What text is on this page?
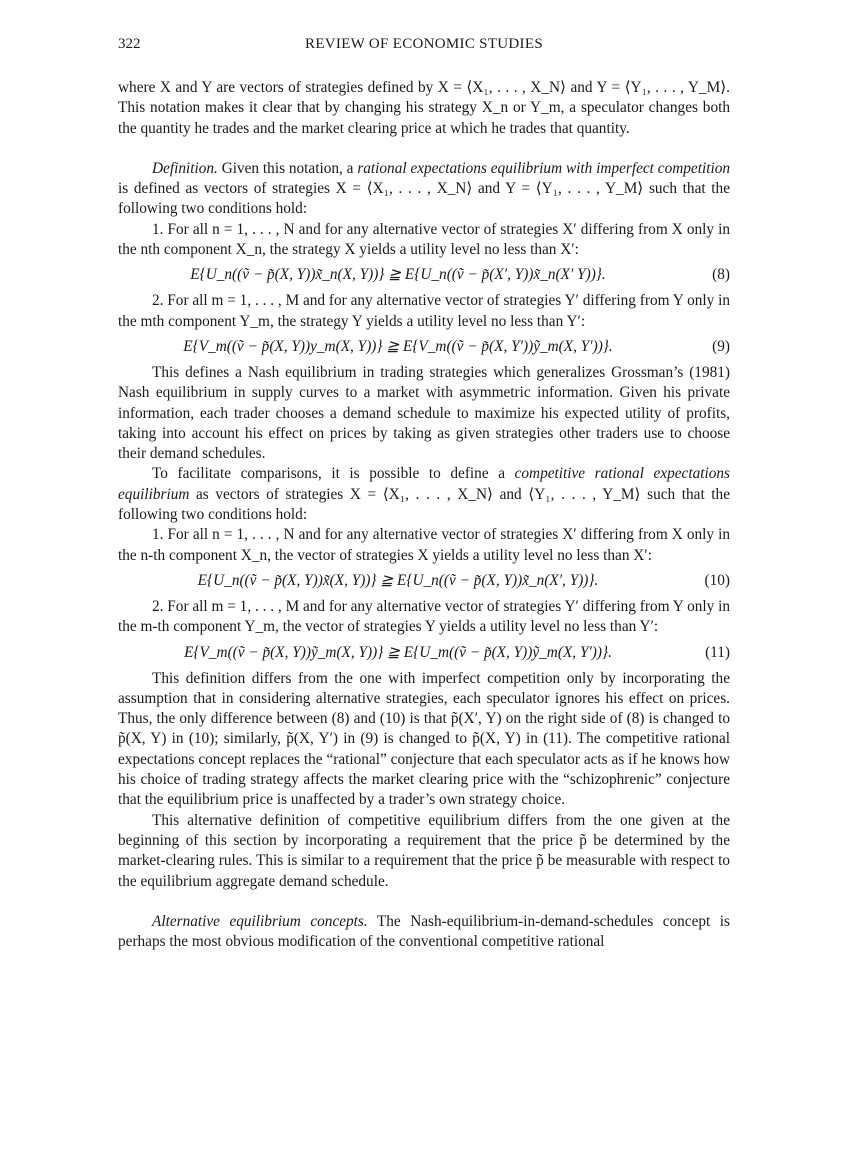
322	REVIEW OF ECONOMIC STUDIES

where X and Y are vectors of strategies defined by X = ⟨X₁, . . . , X_N⟩ and Y = ⟨Y₁, . . . , Y_M⟩. This notation makes it clear that by changing his strategy X_n or Y_m, a speculator changes both the quantity he trades and the market clearing price at which he trades that quantity.

Definition. Given this notation, a rational expectations equilibrium with imperfect competition is defined as vectors of strategies X = ⟨X₁, . . . , X_N⟩ and Y = ⟨Y₁, . . . , Y_M⟩ such that the following two conditions hold:

1. For all n = 1, . . . , N and for any alternative vector of strategies X′ differing from X only in the nth component X_n, the strategy X yields a utility level no less than X′:

E{U_n((ṽ − p̃(X, Y))x̃_n(X, Y))} ≧ E{U_n((ṽ − p̃(X′, Y))x̃_n(X′ Y))}.	(8)

2. For all m = 1, . . . , M and for any alternative vector of strategies Y′ differing from Y only in the mth component Y_m, the strategy Y yields a utility level no less than Y′:

E{V_m((ṽ − p̃(X, Y))y_m(X, Y))} ≧ E{V_m((ṽ − p̃(X, Y′))ỹ_m(X, Y′))}.	(9)

This defines a Nash equilibrium in trading strategies which generalizes Grossman’s (1981) Nash equilibrium in supply curves to a market with asymmetric information. Given his private information, each trader chooses a demand schedule to maximize his expected utility of profits, taking into account his effect on prices by taking as given strategies other traders use to choose their demand schedules.

To facilitate comparisons, it is possible to define a competitive rational expectations equilibrium as vectors of strategies X = ⟨X₁, . . . , X_N⟩ and ⟨Y₁, . . . , Y_M⟩ such that the following two conditions hold:

1. For all n = 1, . . . , N and for any alternative vector of strategies X′ differing from X only in the n-th component X_n, the vector of strategies X yields a utility level no less than X′:

E{U_n((ṽ − p̃(X, Y))x̃(X, Y))} ≧ E{U_n((ṽ − p̃(X, Y))x̃_n(X′, Y))}.	(10)

2. For all m = 1, . . . , M and for any alternative vector of strategies Y′ differing from Y only in the m-th component Y_m, the vector of strategies Y yields a utility level no less than Y′:

E{V_m((ṽ − p̃(X, Y))ỹ_m(X, Y))} ≧ E{U_m((ṽ − p̃(X, Y))ỹ_m(X, Y′))}.	(11)

This definition differs from the one with imperfect competition only by incorporating the assumption that in considering alternative strategies, each speculator ignores his effect on prices. Thus, the only difference between (8) and (10) is that p̃(X′, Y) on the right side of (8) is changed to p̃(X, Y) in (10); similarly, p̃(X, Y′) in (9) is changed to p̃(X, Y) in (11). The competitive rational expectations concept replaces the “rational” conjecture that each speculator acts as if he knows how his choice of trading strategy affects the market clearing price with the “schizophrenic” conjecture that the equilibrium price is unaffected by a trader’s own strategy choice.

This alternative definition of competitive equilibrium differs from the one given at the beginning of this section by incorporating a requirement that the price p̃ be determined by the market-clearing rules. This is similar to a requirement that the price p̃ be measurable with respect to the equilibrium aggregate demand schedule.

Alternative equilibrium concepts. The Nash-equilibrium-in-demand-schedules concept is perhaps the most obvious modification of the conventional competitive rational
